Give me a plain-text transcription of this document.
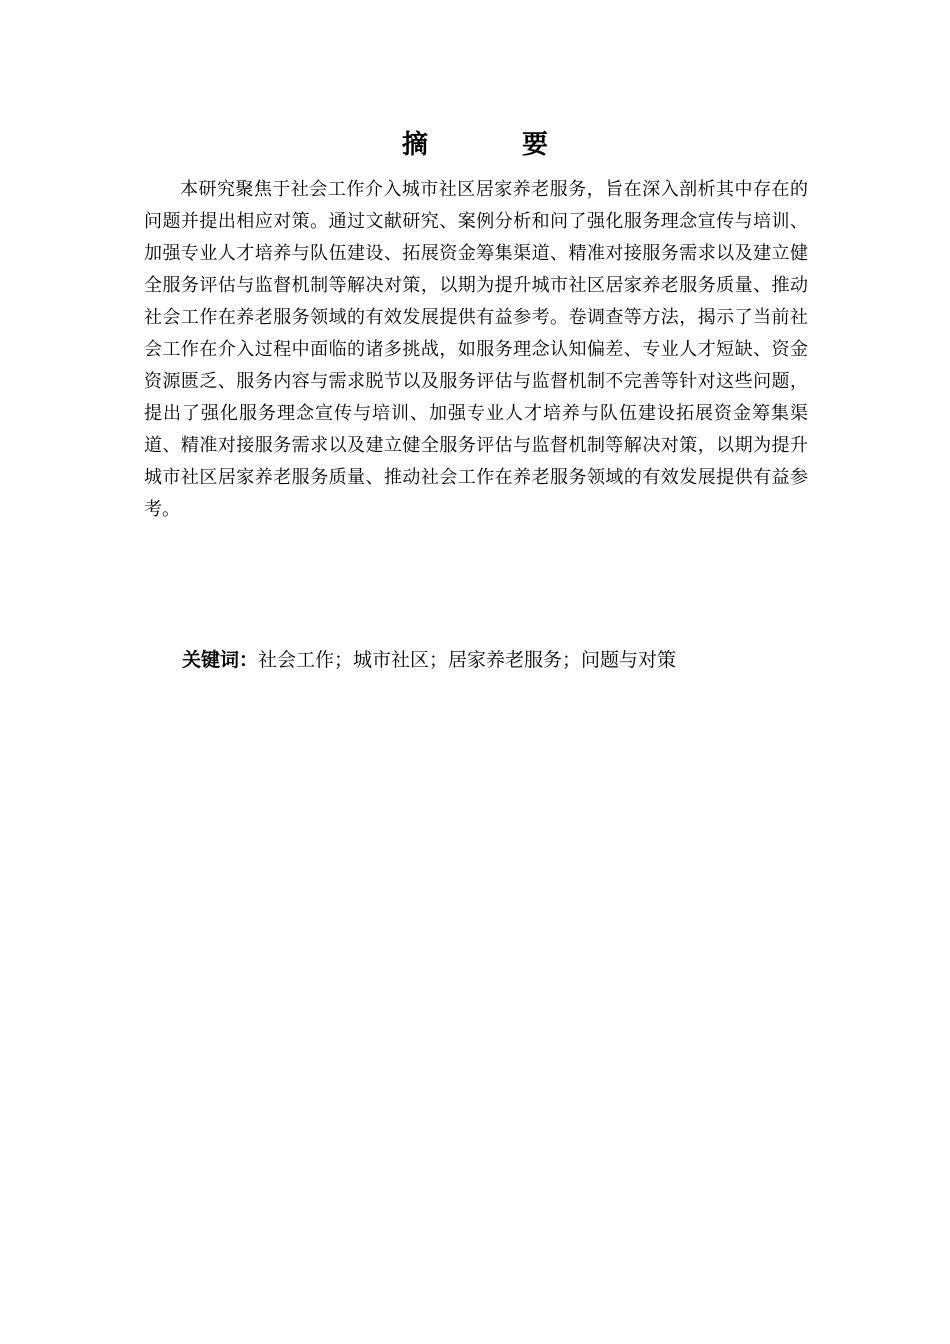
摘　要

本研究聚焦于社会工作介入城市社区居家养老服务，旨在深入剖析其中存在的问题并提出相应对策。通过文献研究、案例分析和问了强化服务理念宣传与培训、加强专业人才培养与队伍建设、拓展资金筹集渠道、精准对接服务需求以及建立健全服务评估与监督机制等解决对策，以期为提升城市社区居家养老服务质量、推动社会工作在养老服务领域的有效发展提供有益参考。卷调查等方法，揭示了当前社会工作在介入过程中面临的诸多挑战，如服务理念认知偏差、专业人才短缺、资金资源匮乏、服务内容与需求脱节以及服务评估与监督机制不完善等针对这些问题，提出了强化服务理念宣传与培训、加强专业人才培养与队伍建设拓展资金筹集渠道、精准对接服务需求以及建立健全服务评估与监督机制等解决对策，以期为提升城市社区居家养老服务质量、推动社会工作在养老服务领域的有效发展提供有益参考。

关键词：社会工作；城市社区；居家养老服务；问题与对策
